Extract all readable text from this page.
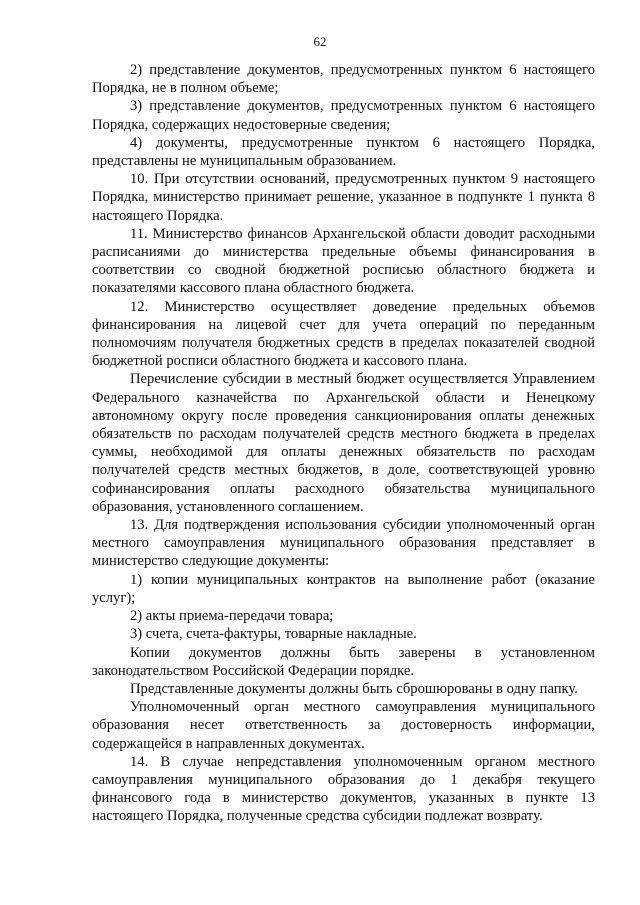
62

2) представление документов, предусмотренных пунктом 6 настоящего Порядка, не в полном объеме;

3) представление документов, предусмотренных пунктом 6 настоящего Порядка, содержащих недостоверные сведения;

4) документы, предусмотренные пунктом 6 настоящего Порядка, представлены не муниципальным образованием.

10. При отсутствии оснований, предусмотренных пунктом 9 настоящего Порядка, министерство принимает решение, указанное в подпункте 1 пункта 8 настоящего Порядка.

11. Министерство финансов Архангельской области доводит расходными расписаниями до министерства предельные объемы финансирования в соответствии со сводной бюджетной росписью областного бюджета и показателями кассового плана областного бюджета.

12. Министерство осуществляет доведение предельных объемов финансирования на лицевой счет для учета операций по переданным полномочиям получателя бюджетных средств в пределах показателей сводной бюджетной росписи областного бюджета и кассового плана.

Перечисление субсидии в местный бюджет осуществляется Управлением Федерального казначейства по Архангельской области и Ненецкому автономному округу после проведения санкционирования оплаты денежных обязательств по расходам получателей средств местного бюджета в пределах суммы, необходимой для оплаты денежных обязательств по расходам получателей средств местных бюджетов, в доле, соответствующей уровню софинансирования оплаты расходного обязательства муниципального образования, установленного соглашением.

13. Для подтверждения использования субсидии уполномоченный орган местного самоуправления муниципального образования представляет в министерство следующие документы:

1) копии муниципальных контрактов на выполнение работ (оказание услуг);

2) акты приема-передачи товара;

3) счета, счета-фактуры, товарные накладные.

Копии документов должны быть заверены в установленном законодательством Российской Федерации порядке.

Представленные документы должны быть сброшюрованы в одну папку.

Уполномоченный орган местного самоуправления муниципального образования несет ответственность за достоверность информации, содержащейся в направленных документах.

14. В случае непредставления уполномоченным органом местного самоуправления муниципального образования до 1 декабря текущего финансового года в министерство документов, указанных в пункте 13 настоящего Порядка, полученные средства субсидии подлежат возврату.
